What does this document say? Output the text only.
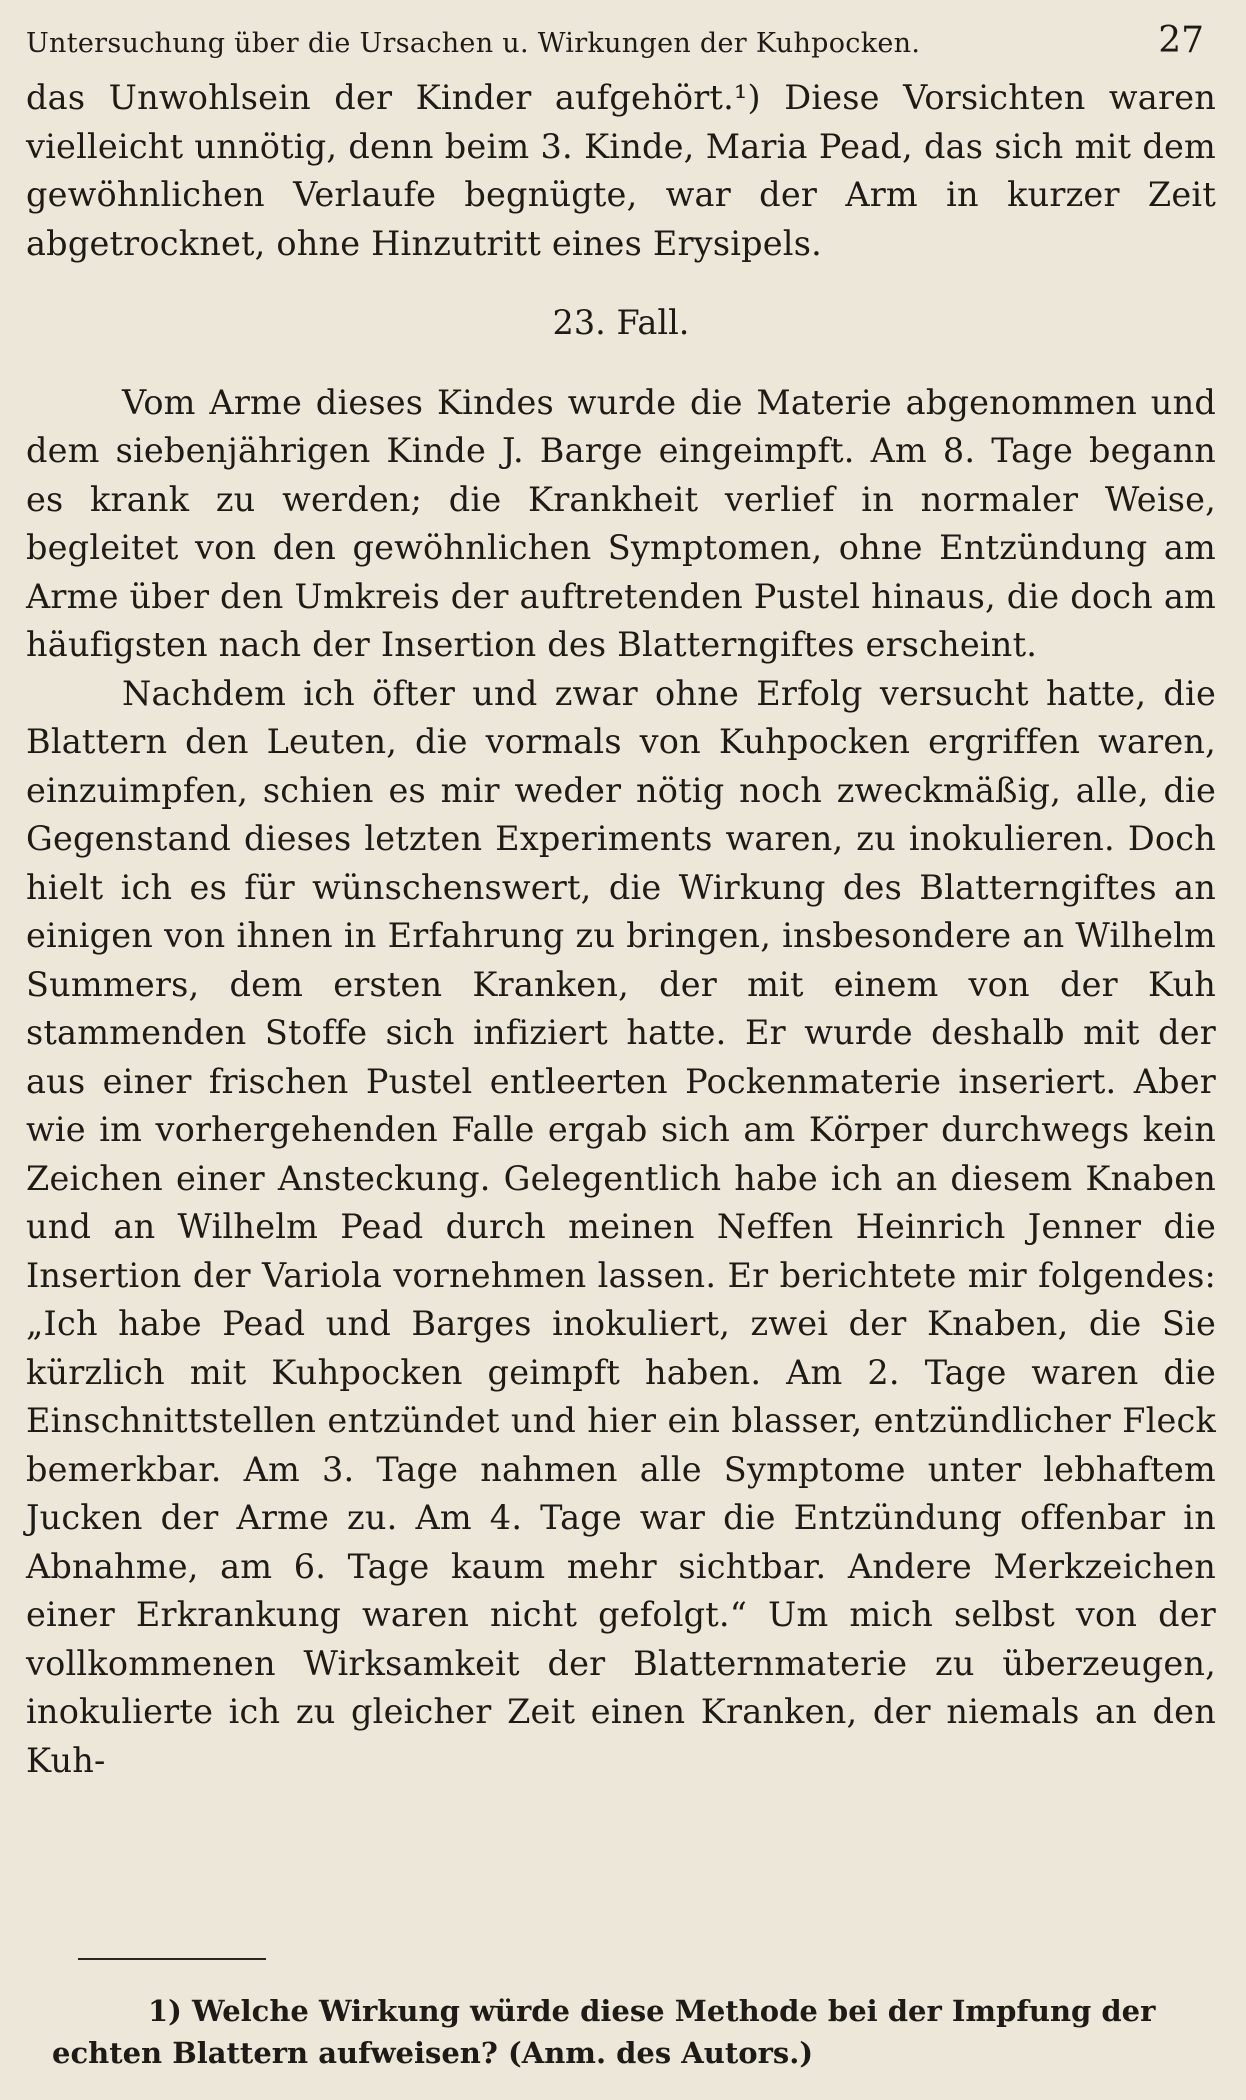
Untersuchung über die Ursachen u. Wirkungen der Kuhpocken.	27

das Unwohlsein der Kinder aufgehört.¹) Diese Vorsichten waren vielleicht unnötig, denn beim 3. Kinde, Maria Pead, das sich mit dem gewöhnlichen Verlaufe begnügte, war der Arm in kurzer Zeit abgetrocknet, ohne Hinzutritt eines Erysipels.

23. Fall.

Vom Arme dieses Kindes wurde die Materie abgenommen und dem siebenjährigen Kinde J. Barge eingeimpft. Am 8. Tage begann es krank zu werden; die Krankheit verlief in normaler Weise, begleitet von den gewöhnlichen Symptomen, ohne Entzündung am Arme über den Umkreis der auftretenden Pustel hinaus, die doch am häufigsten nach der Insertion des Blatterngiftes erscheint.

Nachdem ich öfter und zwar ohne Erfolg versucht hatte, die Blattern den Leuten, die vormals von Kuhpocken ergriffen waren, einzuimpfen, schien es mir weder nötig noch zweckmäßig, alle, die Gegenstand dieses letzten Experiments waren, zu inokulieren. Doch hielt ich es für wünschenswert, die Wirkung des Blatterngiftes an einigen von ihnen in Erfahrung zu bringen, insbesondere an Wilhelm Summers, dem ersten Kranken, der mit einem von der Kuh stammenden Stoffe sich infiziert hatte. Er wurde deshalb mit der aus einer frischen Pustel entleerten Pockenmaterie inseriert. Aber wie im vorhergehenden Falle ergab sich am Körper durchwegs kein Zeichen einer Ansteckung. Gelegentlich habe ich an diesem Knaben und an Wilhelm Pead durch meinen Neffen Heinrich Jenner die Insertion der Variola vornehmen lassen. Er berichtete mir folgendes: „Ich habe Pead und Barges inokuliert, zwei der Knaben, die Sie kürzlich mit Kuhpocken geimpft haben. Am 2. Tage waren die Einschnittstellen entzündet und hier ein blasser, entzündlicher Fleck bemerkbar. Am 3. Tage nahmen alle Symptome unter lebhaftem Jucken der Arme zu. Am 4. Tage war die Entzündung offenbar in Abnahme, am 6. Tage kaum mehr sichtbar. Andere Merkzeichen einer Erkrankung waren nicht gefolgt.“ Um mich selbst von der vollkommenen Wirksamkeit der Blatternmaterie zu überzeugen, inokulierte ich zu gleicher Zeit einen Kranken, der niemals an den Kuh-

1) Welche Wirkung würde diese Methode bei der Impfung der
echten Blattern aufweisen? (Anm. des Autors.)
